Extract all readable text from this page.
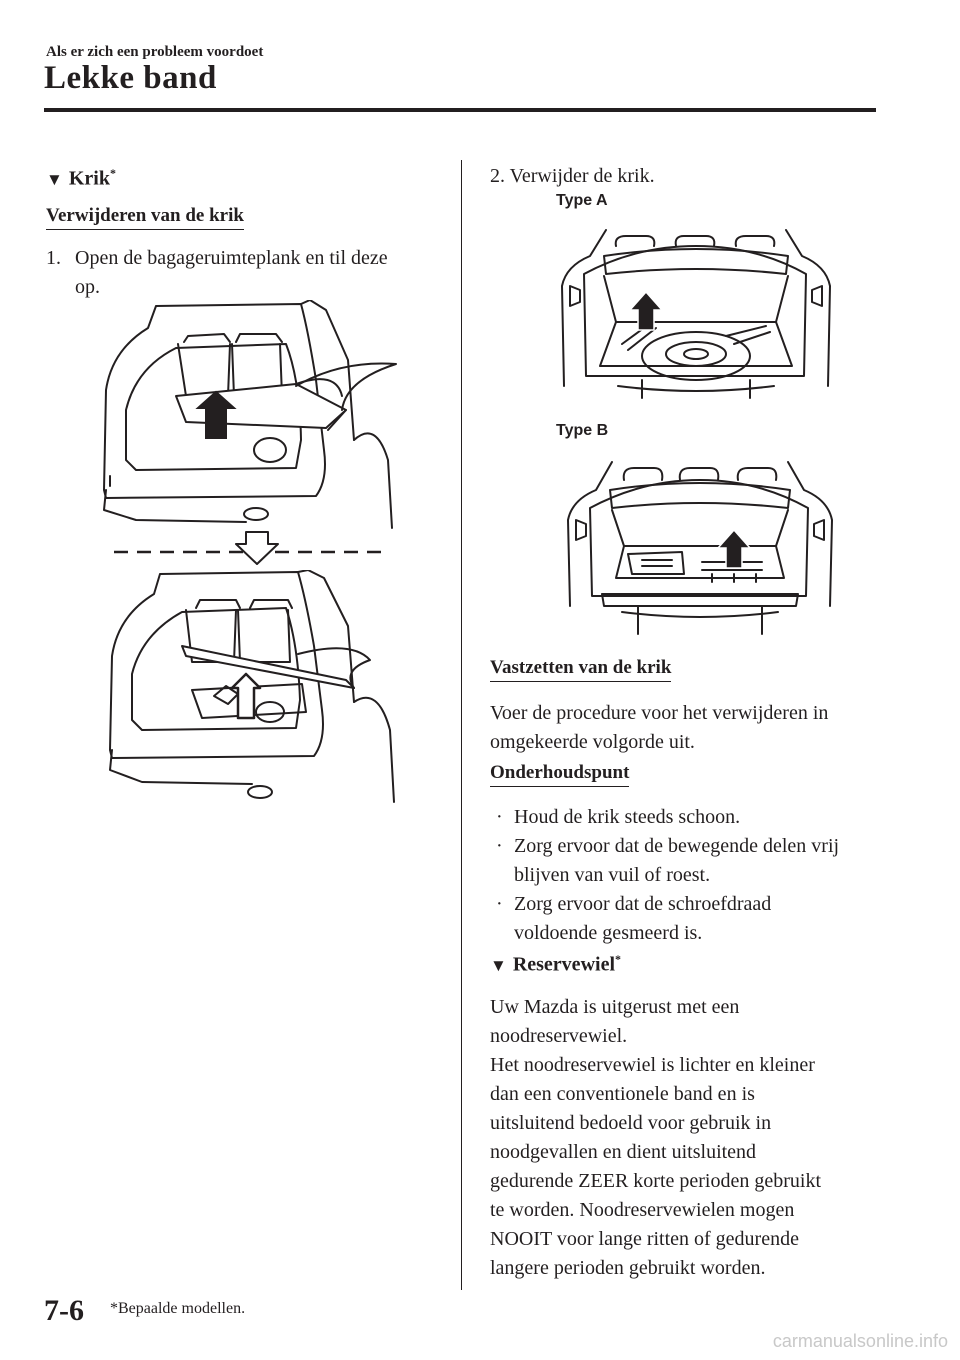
Als er zich een probleem voordoet
Lekke band
▼ Krik*
Verwijderen van de krik
1. Open de bagageruimteplank en til deze
op.
2. Verwijder de krik.
Type A
Type B
Vastzetten van de krik
Voer de procedure voor het verwijderen in
omgekeerde volgorde uit.
Onderhoudspunt
· Houd de krik steeds schoon.
· Zorg ervoor dat de bewegende delen vrij
blijven van vuil of roest.
· Zorg ervoor dat de schroefdraad
voldoende gesmeerd is.
▼ Reservewiel*
Uw Mazda is uitgerust met een
noodreservewiel.
Het noodreservewiel is lichter en kleiner
dan een conventionele band en is
uitsluitend bedoeld voor gebruik in
noodgevallen en dient uitsluitend
gedurende ZEER korte perioden gebruikt
te worden. Noodreservewielen mogen
NOOIT voor lange ritten of gedurende
langere perioden gebruikt worden.
7-6 *Bepaalde modellen.
carmanualsonline.info
